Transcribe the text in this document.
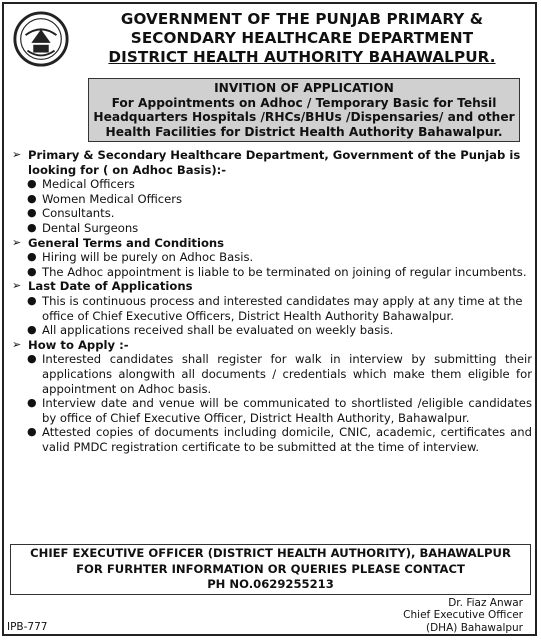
GOVERNMENT OF THE PUNJAB PRIMARY &
SECONDARY HEALTHCARE DEPARTMENT
DISTRICT HEALTH AUTHORITY BAHAWALPUR.
INVITION OF APPLICATION
For Appointments on Adhoc / Temporary Basic for Tehsil
Headquarters Hospitals /RHCs/BHUs /Dispensaries/ and other
Health Facilities for District Health Authority Bahawalpur.
➢ Primary & Secondary Healthcare Department, Government of the Punjab is looking for ( on Adhoc Basis):-
● Medical Officers
● Women Medical Officers
● Consultants.
● Dental Surgeons
➢ General Terms and Conditions
● Hiring will be purely on Adhoc Basis.
● The Adhoc appointment is liable to be terminated on joining of regular incumbents.
➢ Last Date of Applications
● This is continuous process and interested candidates may apply at any time at the office of Chief Executive Officers, District Health Authority Bahawalpur.
● All applications received shall be evaluated on weekly basis.
➢ How to Apply :-
● Interested candidates shall register for walk in interview by submitting their applications alongwith all documents / credentials which make them eligible for appointment on Adhoc basis.
● Interview date and venue will be communicated to shortlisted /eligible candidates by office of Chief Executive Officer, District Health Authority, Bahawalpur.
● Attested copies of documents including domicile, CNIC, academic, certificates and valid PMDC registration certificate to be submitted at the time of interview.
CHIEF EXECUTIVE OFFICER (DISTRICT HEALTH AUTHORITY), BAHAWALPUR
FOR FURHTER INFORMATION OR QUERIES PLEASE CONTACT
PH NO.0629255213
Dr. Fiaz Anwar
Chief Executive Officer
(DHA) Bahawalpur
IPB-777
